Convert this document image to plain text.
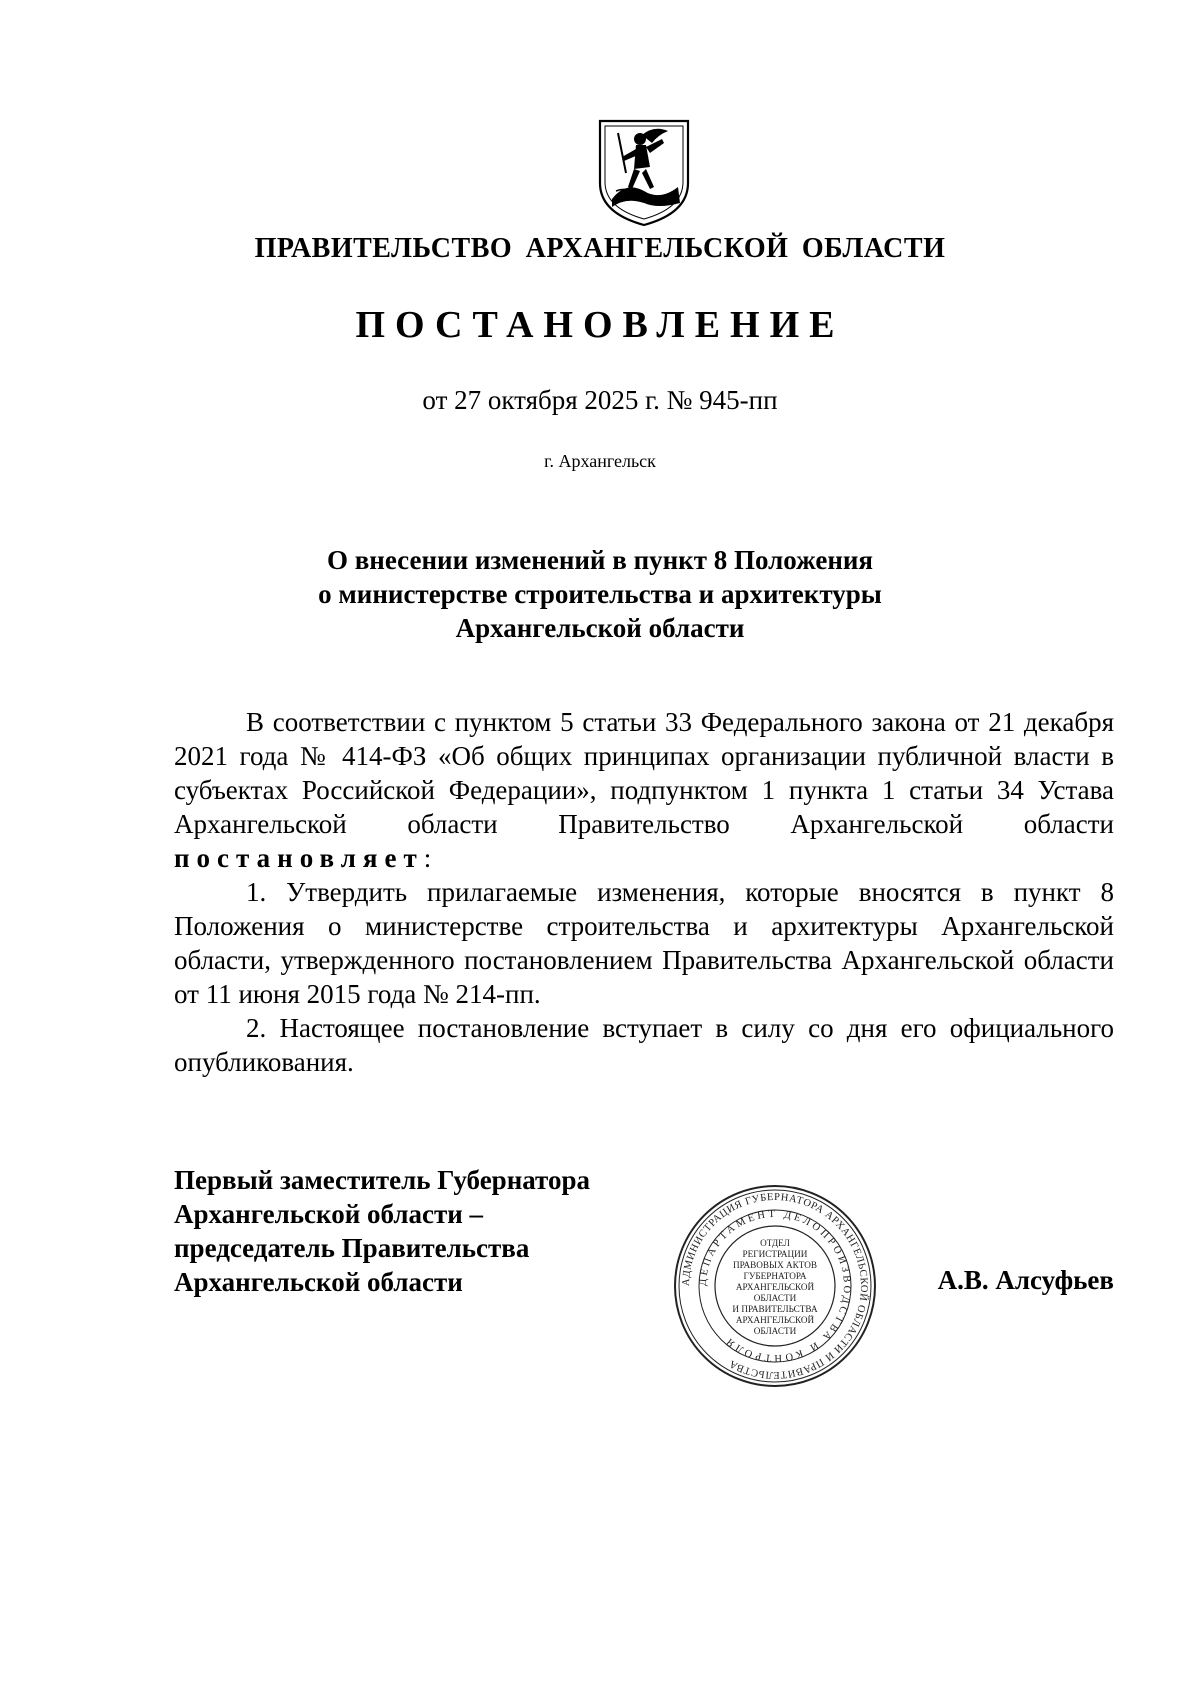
ПРАВИТЕЛЬСТВО АРХАНГЕЛЬСКОЙ ОБЛАСТИ
ПОСТАНОВЛЕНИЕ
от 27 октября 2025 г. № 945-пп
г. Архангельск
О внесении изменений в пункт 8 Положения
о министерстве строительства и архитектуры
Архангельской области

В соответствии с пунктом 5 статьи 33 Федерального закона от 21 декабря 2021 года № 414-ФЗ «Об общих принципах организации публичной власти в субъектах Российской Федерации», подпунктом 1 пункта 1 статьи 34 Устава Архангельской области Правительство Архангельской области постановляет:

1. Утвердить прилагаемые изменения, которые вносятся в пункт 8 Положения о министерстве строительства и архитектуры Архангельской области, утвержденного постановлением Правительства Архангельской области от 11 июня 2015 года № 214-пп.

2. Настоящее постановление вступает в силу со дня его официального опубликования.

Первый заместитель Губернатора
Архангельской области –
председатель Правительства
Архангельской области	АДМИНИСТРАЦИЯ ГУБЕРНАТОРА АРХАНГЕЛЬСКОЙ ОБЛАСТИ И ПРАВИТЕЛЬСТВА
ДЕПАРТАМЕНТ ДЕЛОПРОИЗВОДСТВА И КОНТРОЛЯ
ОТДЕЛ
РЕГИСТРАЦИИ
ПРАВОВЫХ АКТОВ
ГУБЕРНАТОРА
АРХАНГЕЛЬСКОЙ
ОБЛАСТИ
И ПРАВИТЕЛЬСТВА
АРХАНГЕЛЬСКОЙ
ОБЛАСТИ
А.В. Алсуфьев
